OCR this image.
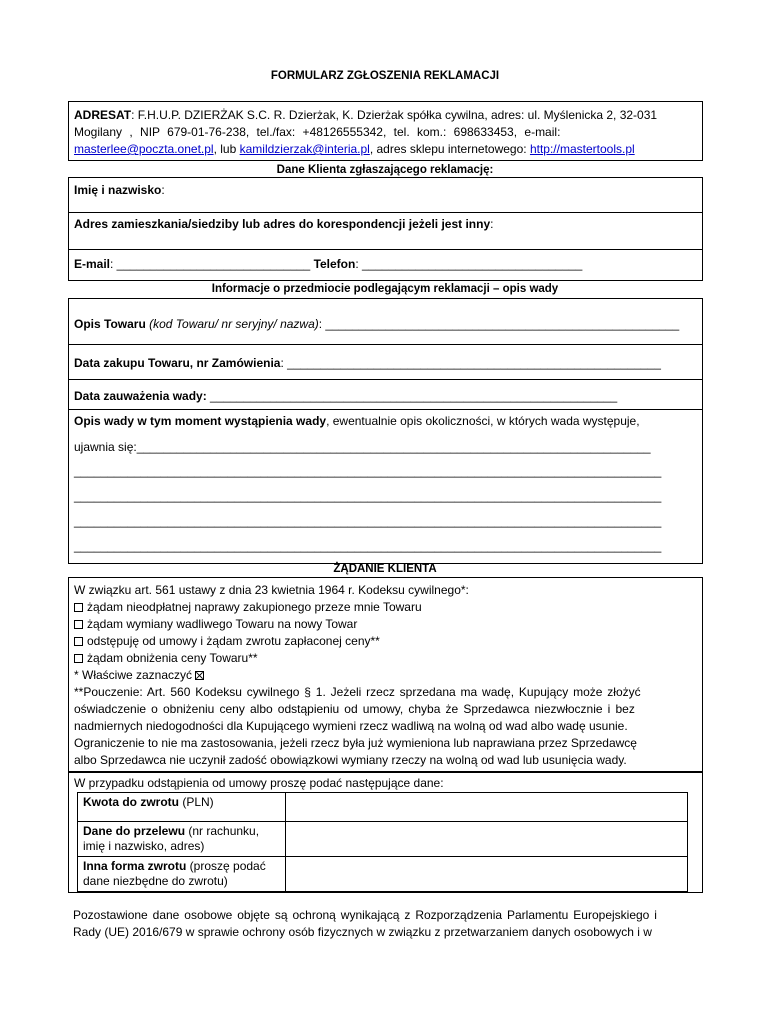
FORMULARZ ZGŁOSZENIA REKLAMACJI
ADRESAT: F.H.U.P. DZIERŻAK S.C. R. Dzierżak, K. Dzierżak spółka cywilna, adres: ul. Myślenicka 2, 32-031
Mogilany , NIP 679-01-76-238, tel./fax: +48126555342, tel. kom.: 698633453, e-mail:
masterlee@poczta.onet.pl, lub kamildzierzak@interia.pl, adres sklepu internetowego: http://mastertools.pl
Dane Klienta zgłaszającego reklamację:
Imię i nazwisko:
Adres zamieszkania/siedziby lub adres do korespondencji jeżeli jest inny:
E-mail: _____________________________ Telefon: _________________________________
Informacje o przedmiocie podlegającym reklamacji – opis wady
Opis Towaru (kod Towaru/ nr seryjny/ nazwa): _____________________________________________________
Data zakupu Towaru, nr Zamówienia: ________________________________________________________
Data zauważenia wady: _____________________________________________________________
Opis wady w tym moment wystąpienia wady, ewentualnie opis okoliczności, w których wada występuje,
ujawnia się:_____________________________________________________________________________
________________________________________________________________________________________
________________________________________________________________________________________
________________________________________________________________________________________
________________________________________________________________________________________
ŻĄDANIE KLIENTA
W związku art. 561 ustawy z dnia 23 kwietnia 1964 r. Kodeksu cywilnego*:
żądam nieodpłatnej naprawy zakupionego przeze mnie Towaru
żądam wymiany wadliwego Towaru na nowy Towar
odstępuję od umowy i żądam zwrotu zapłaconej ceny**
żądam obniżenia ceny Towaru**
* Właściwe zaznaczyć
**Pouczenie: Art. 560 Kodeksu cywilnego § 1. Jeżeli rzecz sprzedana ma wadę, Kupujący może złożyć
oświadczenie o obniżeniu ceny albo odstąpieniu od umowy, chyba że Sprzedawca niezwłocznie i bez
nadmiernych niedogodności dla Kupującego wymieni rzecz wadliwą na wolną od wad albo wadę usunie.
Ograniczenie to nie ma zastosowania, jeżeli rzecz była już wymieniona lub naprawiana przez Sprzedawcę
albo Sprzedawca nie uczynił zadość obowiązkowi wymiany rzeczy na wolną od wad lub usunięcia wady.
W przypadku odstąpienia od umowy proszę podać następujące dane:
Kwota do zwrotu (PLN)	
Dane do przelewu (nr rachunku,
imię i nazwisko, adres)	
Inna forma zwrotu (proszę podać
dane niezbędne do zwrotu)	
Pozostawione dane osobowe objęte są ochroną wynikającą z Rozporządzenia Parlamentu Europejskiego i
Rady (UE) 2016/679 w sprawie ochrony osób fizycznych w związku z przetwarzaniem danych osobowych i w
